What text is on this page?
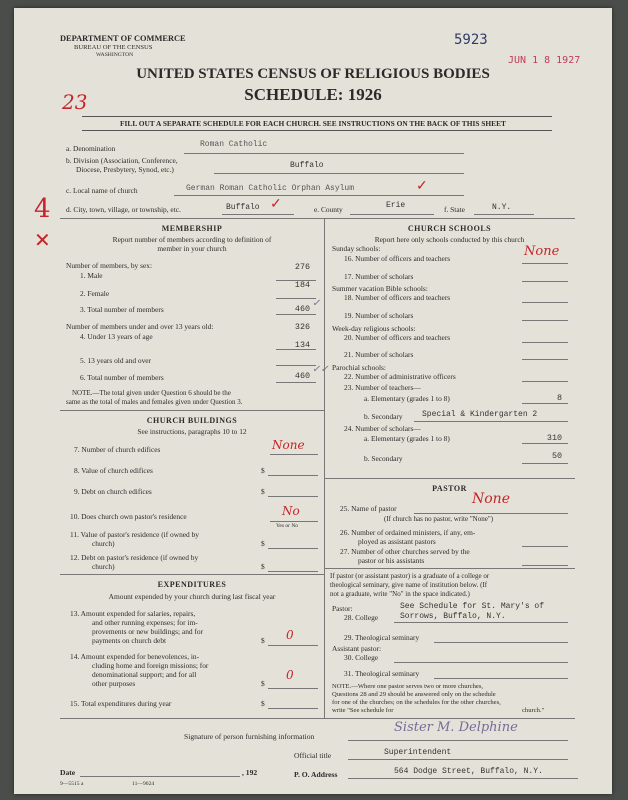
DEPARTMENT OF COMMERCE
BUREAU OF THE CENSUS
WASHINGTON
5923
JUN 1 8 1927
UNITED STATES CENSUS OF RELIGIOUS BODIES
SCHEDULE: 1926
23
FILL OUT A SEPARATE SCHEDULE FOR EACH CHURCH. SEE INSTRUCTIONS ON THE BACK OF THIS SHEET
a. Denomination	Roman Catholic
b. Division (Association, Conference,
Diocese, Presbytery, Synod, etc.)	Buffalo
c. Local name of church	German Roman Catholic Orphan Asylum	✓
d. City, town, village, or township, etc.	Buffalo ✓	e. County	Erie	f. State	N.Y.
4
✕	MEMBERSHIP
Report number of members according to definition of
member in your church
Number of members, by sex:
1. Male
276
2. Female
184
3. Total number of members	460 ✓
Number of members under and over 13 years old:	326
4. Under 13 years of age
134
5. 13 years old and over
6. Total number of members	460
✓✓
NOTE.—The total given under Question 6 should be the
same as the total of males and females given under Question 3.
CHURCH BUILDINGS
See instructions, paragraphs 10 to 12
7. Number of church edifices	None
8. Value of church edifices	$
9. Debt on church edifices	$
10. Does church own pastor's residence	No
Yes or No
11. Value of pastor's residence (if owned by
church)	$
12. Debt on pastor's residence (if owned by
church)	$
EXPENDITURES
Amount expended by your church during last fiscal year
13. Amount expended for salaries, repairs,
and other running expenses; for im-
provements or new buildings; and for
payments on church debt	$ 0
14. Amount expended for benevolences, in-
cluding home and foreign missions; for
denominational support; and for all
other purposes	$
0
15. Total expenditures during year	$
CHURCH SCHOOLS
Report here only schools conducted by this church
Sunday schools:
16. Number of officers and teachers	None
17. Number of scholars
Summer vacation Bible schools:
18. Number of officers and teachers
19. Number of scholars
Week-day religious schools:
20. Number of officers and teachers
21. Number of scholars
Parochial schools:
22. Number of administrative officers
23. Number of teachers—
a. Elementary (grades 1 to 8)	8
b. Secondary Special & Kindergarten 2
24. Number of scholars—
a. Elementary (grades 1 to 8)	310
b. Secondary	50
PASTOR
25. Name of pastor
None
(If church has no pastor, write "None")
26. Number of ordained ministers, if any, em-
ployed as assistant pastors
27. Number of other churches served by the
pastor or his assistants
If pastor (or assistant pastor) is a graduate of a college or
theological seminary, give name of institution below. (If
not a graduate, write "No" in the space indicated.)
Pastor:	See Schedule for St. Mary's of
28. College	Sorrows, Buffalo, N.Y.
29. Theological seminary
Assistant pastor:
30. College
31. Theological seminary
NOTE.—Where one pastor serves two or more churches,
Questions 28 and 29 should be answered only on the schedule
for one of the churches; on the schedules for the other churches,
write "See schedule for	church."
Signature of person furnishing information
Sister M. Delphine
Official title	Superintendent
Date	, 192	P. O. Address	564 Dodge Street, Buffalo, N.Y.
9—5515 a	11—9024
